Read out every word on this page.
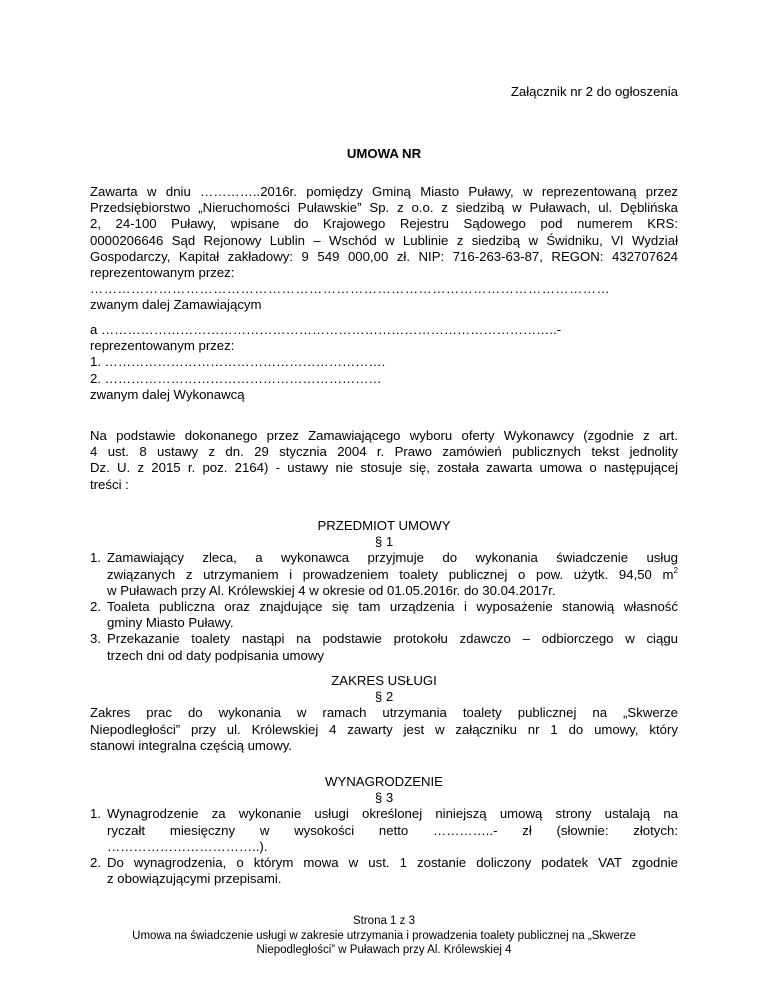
Załącznik nr 2 do ogłoszenia
UMOWA NR
Zawarta w dniu …………..2016r. pomiędzy Gminą Miasto Puławy, w reprezentowaną przez
Przedsiębiorstwo „Nieruchomości Puławskie” Sp. z o.o. z siedzibą w Puławach, ul. Dęblińska
2, 24-100 Puławy, wpisane do Krajowego Rejestru Sądowego pod numerem KRS:
0000206646 Sąd Rejonowy Lublin – Wschód w Lublinie z siedzibą w Świdniku, VI Wydział
Gospodarczy, Kapitał zakładowy: 9 549 000,00 zł. NIP: 716-263-63-87, REGON: 432707624
reprezentowanym przez:
……………………………………………………………………………………………………
zwanym dalej Zamawiającym
a …………………………………………………………………………………………..-
reprezentowanym przez:
1. ……………………………………………………….
2. ………………………………………………………
zwanym dalej Wykonawcą
Na podstawie dokonanego przez Zamawiającego wyboru oferty Wykonawcy (zgodnie z art.
4 ust. 8 ustawy z dn. 29 stycznia 2004 r. Prawo zamówień publicznych tekst jednolity
Dz. U. z 2015 r. poz. 2164) - ustawy nie stosuje się, została zawarta umowa o następującej
treści :
PRZEDMIOT UMOWY
§ 1
1. Zamawiający zleca, a wykonawca przyjmuje do wykonania świadczenie usług
związanych z utrzymaniem i prowadzeniem toalety publicznej o pow. użytk. 94,50 $m^2$
w Puławach przy Al. Królewskiej 4 w okresie od 01.05.2016r. do 30.04.2017r.
2. Toaleta publiczna oraz znajdujące się tam urządzenia i wyposażenie stanowią własność
gminy Miasto Puławy.
3. Przekazanie toalety nastąpi na podstawie protokołu zdawczo – odbiorczego w ciągu
trzech dni od daty podpisania umowy
ZAKRES USŁUGI
§ 2
Zakres prac do wykonania w ramach utrzymania toalety publicznej na „Skwerze
Niepodległości” przy ul. Królewskiej 4 zawarty jest w załączniku nr 1 do umowy, który
stanowi integralna częścią umowy.
WYNAGRODZENIE
§ 3
1. Wynagrodzenie za wykonanie usługi określonej niniejszą umową strony ustalają na
ryczałt miesięczny w wysokości netto …………..- zł (słownie: złotych:
……………………………..).
2. Do wynagrodzenia, o którym mowa w ust. 1 zostanie doliczony podatek VAT zgodnie
z obowiązującymi przepisami.
Strona 1 z 3
Umowa na świadczenie usługi w zakresie utrzymania i prowadzenia toalety publicznej na „Skwerze
Niepodległości” w Puławach przy Al. Królewskiej 4
